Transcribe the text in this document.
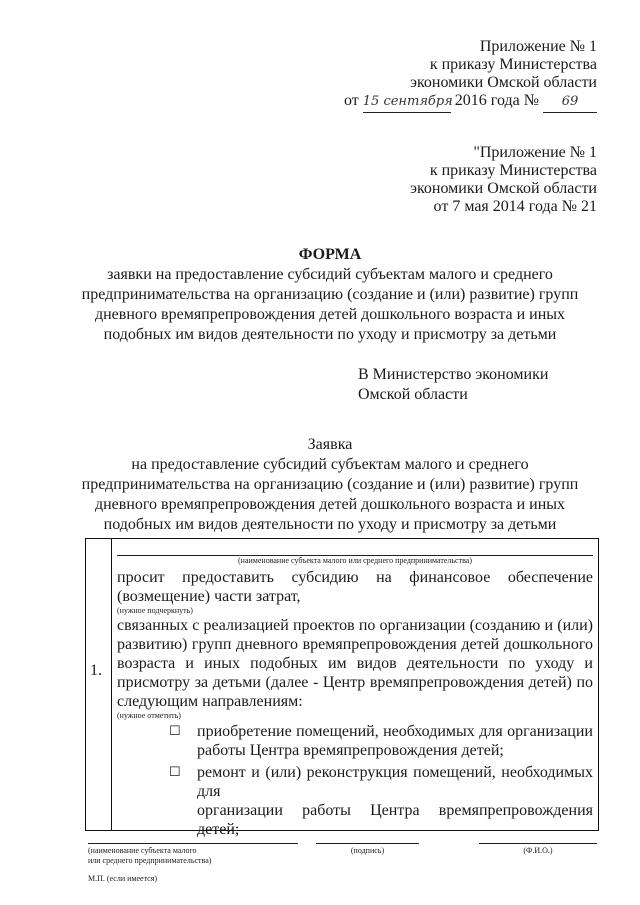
Приложение № 1
к приказу Министерства
экономики Омской области
от 15 сентября 2016 года № 69
"Приложение № 1
к приказу Министерства
экономики Омской области
от 7 мая 2014 года № 21
ФОРМА
заявки на предоставление субсидий субъектам малого и среднего
предпринимательства на организацию (создание и (или) развитие) групп
дневного времяпрепровождения детей дошкольного возраста и иных
подобных им видов деятельности по уходу и присмотру за детьми
В Министерство экономики
Омской области
Заявка
на предоставление субсидий субъектам малого и среднего
предпринимательства на организацию (создание и (или) развитие) групп
дневного времяпрепровождения детей дошкольного возраста и иных
подобных им видов деятельности по уходу и присмотру за детьми
1.
(наименование субъекта малого или среднего предпринимательства)
просит предоставить субсидию на финансовое обеспечение
(возмещение) части затрат,
(нужное подчеркнуть)
связанных с реализацией проектов по организации (созданию и (или)
развитию) групп дневного времяпрепровождения детей дошкольного
возраста и иных подобных им видов деятельности по уходу и
присмотру за детьми (далее - Центр времяпрепровождения детей) по
следующим направлениям:
(нужное отметить)
☐ приобретение помещений, необходимых для организации
работы Центра времяпрепровождения детей;
☐ ремонт и (или) реконструкция помещений, необходимых для
организации работы Центра времяпрепровождения детей;
(наименование субъекта малого
или среднего предпринимательства)
(подпись)	(Ф.И.О.)
М.П. (если имеется)
